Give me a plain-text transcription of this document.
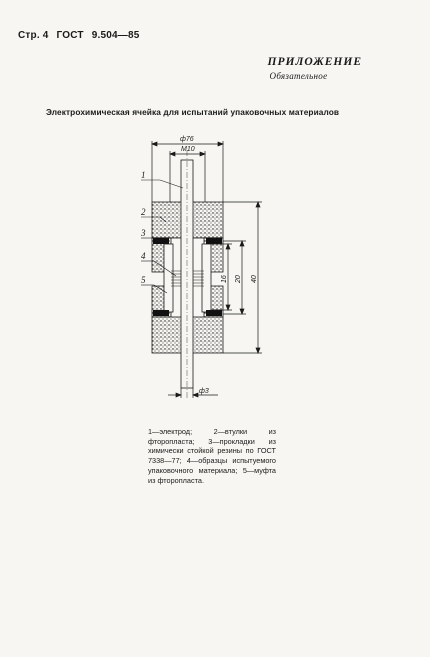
Стр. 4 ГОСТ 9.504—85
ПРИЛОЖЕНИЕ
Обязательное
Электрохимическая ячейка для испытаний упаковочных материалов
ф76
М10
ф3
16 20 40
1
2
3
4
5
1—электрод; 2—втулки из фторопласта; 3—прокладки из химически стойкой резины по ГОСТ 7338—77; 4—образцы испытуемого упаковочного материала; 5—муфта из фторопласта.
